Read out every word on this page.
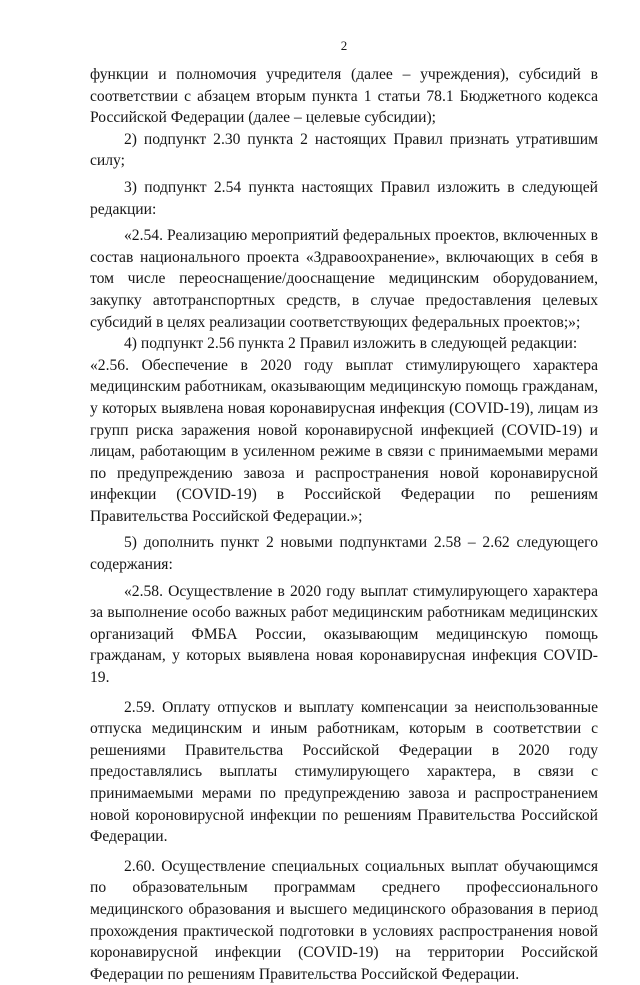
2

функции и полномочия учредителя (далее – учреждения), субсидий в соответствии с абзацем вторым пункта 1 статьи 78.1 Бюджетного кодекса Российской Федерации (далее – целевые субсидии);

2) подпункт 2.30 пункта 2 настоящих Правил признать утратившим силу;

3) подпункт 2.54 пункта настоящих Правил изложить в следующей редакции:

«2.54. Реализацию мероприятий федеральных проектов, включенных в состав национального проекта «Здравоохранение», включающих в себя в том числе переоснащение/дооснащение медицинским оборудованием, закупку автотранспортных средств, в случае предоставления целевых субсидий в целях реализации соответствующих федеральных проектов;»;

4) подпункт 2.56 пункта 2 Правил изложить в следующей редакции:

«2.56. Обеспечение в 2020 году выплат стимулирующего характера медицинским работникам, оказывающим медицинскую помощь гражданам, у которых выявлена новая коронавирусная инфекция (COVID-19), лицам из групп риска заражения новой коронавирусной инфекцией (COVID-19) и лицам, работающим в усиленном режиме в связи с принимаемыми мерами по предупреждению завоза и распространения новой коронавирусной инфекции (COVID-19) в Российской Федерации по решениям Правительства Российской Федерации.»;

5) дополнить пункт 2 новыми подпунктами 2.58 – 2.62 следующего содержания:

«2.58. Осуществление в 2020 году выплат стимулирующего характера за выполнение особо важных работ медицинским работникам медицинских организаций ФМБА России, оказывающим медицинскую помощь гражданам, у которых выявлена новая коронавирусная инфекция COVID-19.

2.59. Оплату отпусков и выплату компенсации за неиспользованные отпуска медицинским и иным работникам, которым в соответствии с решениями Правительства Российской Федерации в 2020 году предоставлялись выплаты стимулирующего характера, в связи с принимаемыми мерами по предупреждению завоза и распространением новой короновирусной инфекции по решениям Правительства Российской Федерации.

2.60. Осуществление специальных социальных выплат обучающимся по образовательным программам среднего профессионального медицинского образования и высшего медицинского образования в период прохождения практической подготовки в условиях распространения новой коронавирусной инфекции (COVID-19) на территории Российской Федерации по решениям Правительства Российской Федерации.
